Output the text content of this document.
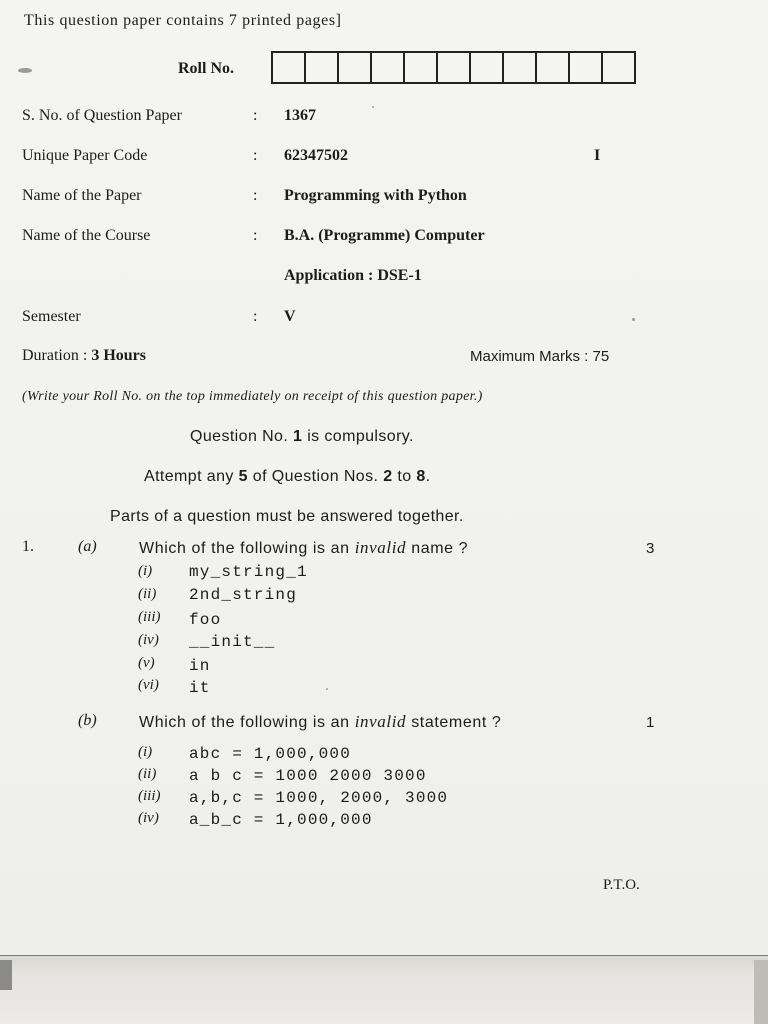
This question paper contains 7 printed pages]
Roll No.
S. No. of Question Paper	: 1367
Unique Paper Code	: 62347502	I
Name of the Paper	: Programming with Python
Name of the Course	: B.A. (Programme) Computer
Application : DSE-1
Semester	: V
Duration : 3 Hours	Maximum Marks : 75
(Write your Roll No. on the top immediately on receipt of this question paper.)
Question No. 1 is compulsory.
Attempt any 5 of Question Nos. 2 to 8.
Parts of a question must be answered together.
1.	(a)	Which of the following is an invalid name ?	3
(i) my_string_1
(ii) 2nd_string
(iii) foo
(iv) __init__
(v) in
(vi) it
(b)	Which of the following is an invalid statement ?	1
(i) abc = 1,000,000
(ii) a b c = 1000 2000 3000
(iii) a,b,c = 1000, 2000, 3000
(iv) a_b_c = 1,000,000
P.T.O.
